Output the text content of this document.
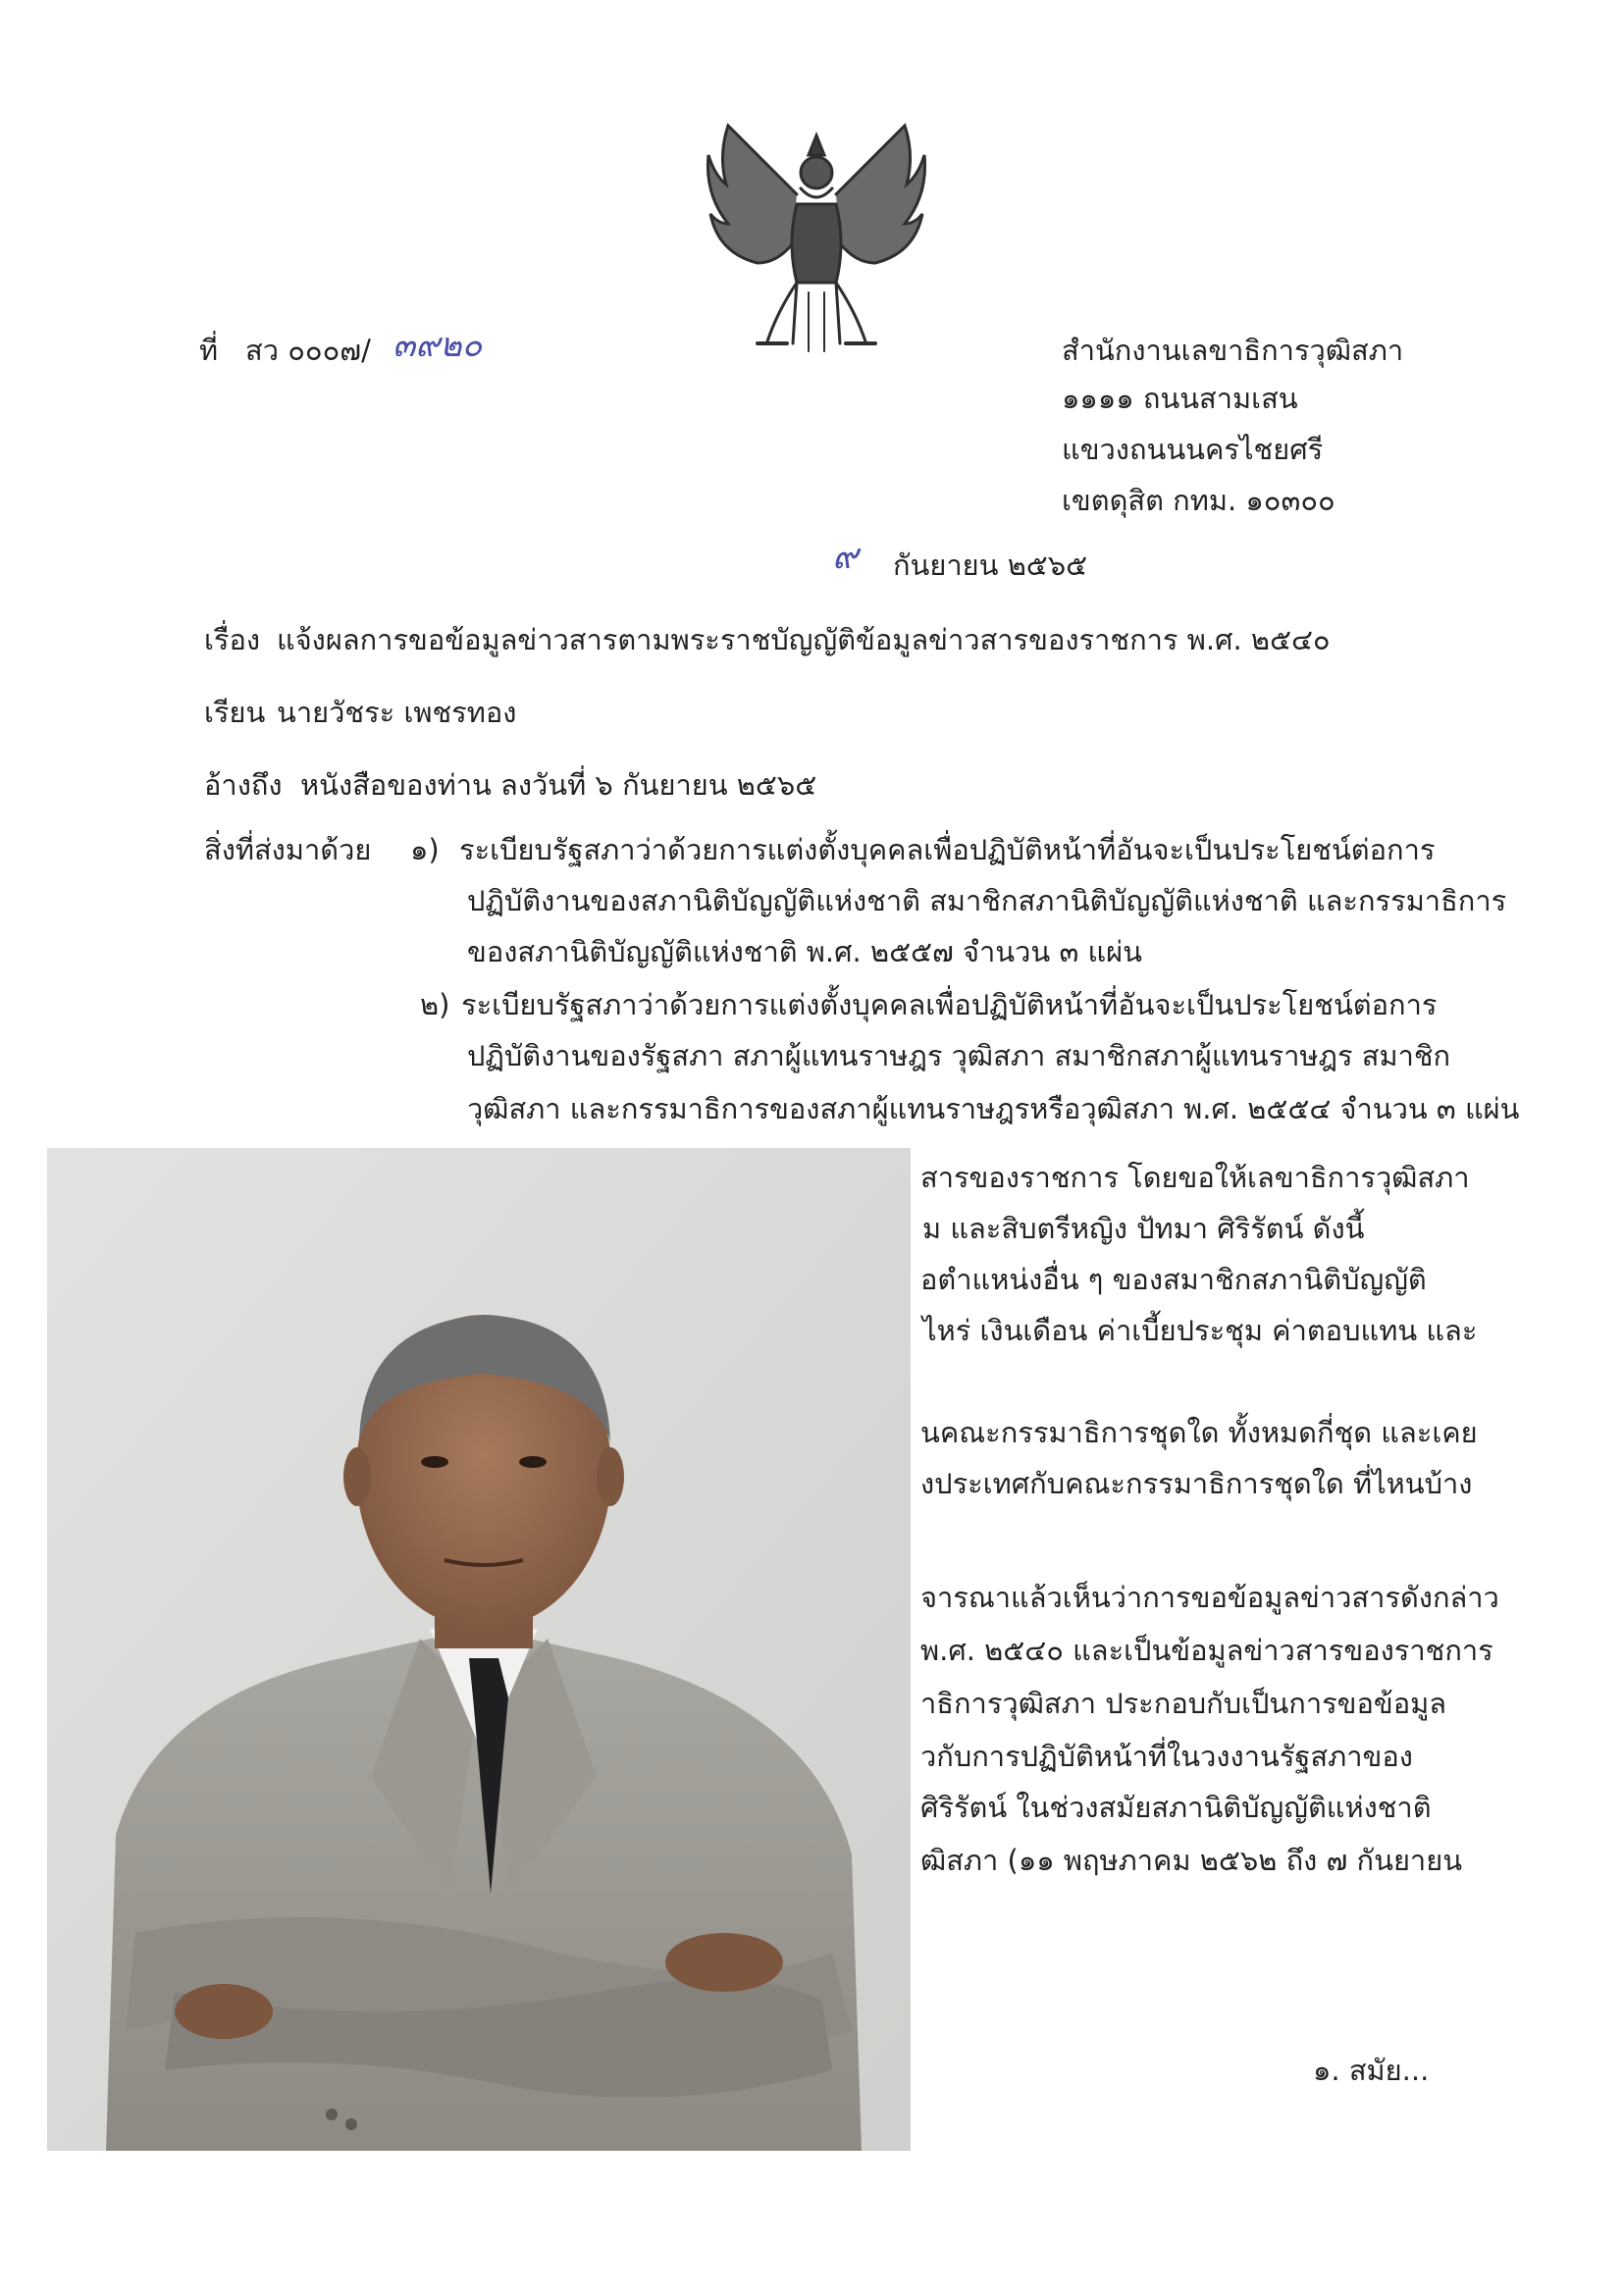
ที่ สว ๐๐๐๗/ ๓๙๒๐	สำนักงานเลขาธิการวุฒิสภา
๑๑๑๑ ถนนสามเสน
แขวงถนนนครไชยศรี
เขตดุสิต กทม. ๑๐๓๐๐
๙ กันยายน ๒๕๖๕
เรื่อง แจ้งผลการขอข้อมูลข่าวสารตามพระราชบัญญัติข้อมูลข่าวสารของราชการ พ.ศ. ๒๕๔๐
เรียน นายวัชระ เพชรทอง
อ้างถึง หนังสือของท่าน ลงวันที่ ๖ กันยายน ๒๕๖๕
สิ่งที่ส่งมาด้วย ๑) ระเบียบรัฐสภาว่าด้วยการแต่งตั้งบุคคลเพื่อปฏิบัติหน้าที่อันจะเป็นประโยชน์ต่อการ
ปฏิบัติงานของสภานิติบัญญัติแห่งชาติ สมาชิกสภานิติบัญญัติแห่งชาติ และกรรมาธิการ
ของสภานิติบัญญัติแห่งชาติ พ.ศ. ๒๕๕๗ จำนวน ๓ แผ่น
๒) ระเบียบรัฐสภาว่าด้วยการแต่งตั้งบุคคลเพื่อปฏิบัติหน้าที่อันจะเป็นประโยชน์ต่อการ
ปฏิบัติงานของรัฐสภา สภาผู้แทนราษฎร วุฒิสภา สมาชิกสภาผู้แทนราษฎร สมาชิก
วุฒิสภา และกรรมาธิการของสภาผู้แทนราษฎรหรือวุฒิสภา พ.ศ. ๒๕๕๔ จำนวน ๓ แผ่น
สารของราชการ โดยขอให้เลขาธิการวุฒิสภา
ม และสิบตรีหญิง ปัทมา ศิริรัตน์ ดังนี้
อตำแหน่งอื่น ๆ ของสมาชิกสภานิติบัญญัติ
ไหร่ เงินเดือน ค่าเบี้ยประชุม ค่าตอบแทน และ
นคณะกรรมาธิการชุดใด ทั้งหมดกี่ชุด และเคย
งประเทศกับคณะกรรมาธิการชุดใด ที่ไหนบ้าง
จารณาแล้วเห็นว่าการขอข้อมูลข่าวสารดังกล่าว
พ.ศ. ๒๕๔๐ และเป็นข้อมูลข่าวสารของราชการ
าธิการวุฒิสภา ประกอบกับเป็นการขอข้อมูล
วกับการปฏิบัติหน้าที่ในวงงานรัฐสภาของ
ศิริรัตน์ ในช่วงสมัยสภานิติบัญญัติแห่งชาติ
ฒิสภา (๑๑ พฤษภาคม ๒๕๖๒ ถึง ๗ กันยายน
๑. สมัย...
